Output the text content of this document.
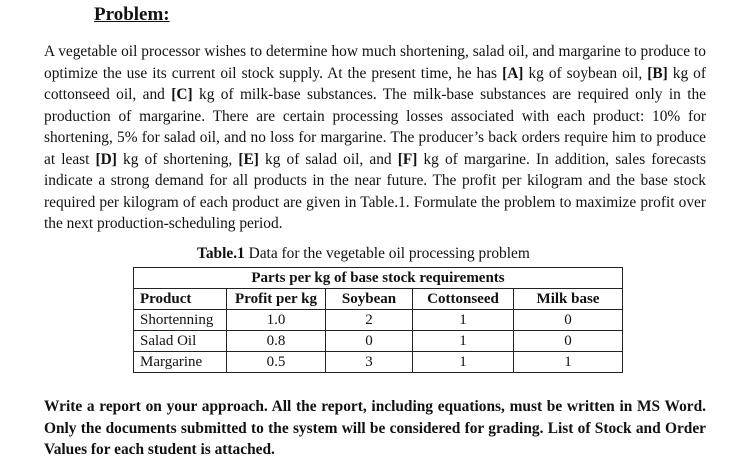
Problem:

A vegetable oil processor wishes to determine how much shortening, salad oil, and margarine to produce to optimize the use its current oil stock supply. At the present time, he has [A] kg of soybean oil, [B] kg of cottonseed oil, and [C] kg of milk-base substances. The milk-base substances are required only in the production of margarine. There are certain processing losses associated with each product: 10% for shortening, 5% for salad oil, and no loss for margarine. The producer’s back orders require him to produce at least [D] kg of shortening, [E] kg of salad oil, and [F] kg of margarine. In addition, sales forecasts indicate a strong demand for all products in the near future. The profit per kilogram and the base stock required per kilogram of each product are given in Table.1. Formulate the problem to maximize profit over the next production-scheduling period.

Table.1 Data for the vegetable oil processing problem
Parts per kg of base stock requirements				
Product	Profit per kg	Soybean	Cottonseed	Milk base
Shortenning	1.0	2	1	0
Salad Oil	0.8	0	1	0
Margarine	0.5	3	1	1

Write a report on your approach. All the report, including equations, must be written in MS Word. Only the documents submitted to the system will be considered for grading. List of Stock and Order Values for each student is attached.
